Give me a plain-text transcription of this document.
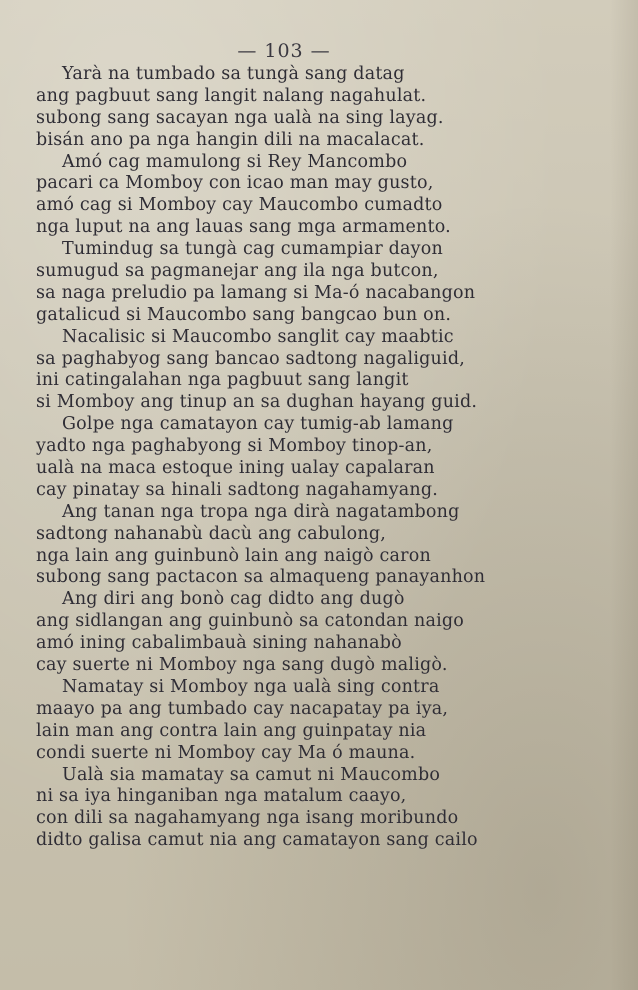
— 103 —
Yarà na tumbado sa tungà sang datag
ang pagbuut sang langit nalang nagahulat.
subong sang sacayan nga ualà na sing layag.
bisán ano pa nga hangin dili na macalacat.
Amó cag mamulong si Rey Mancombo
pacari ca Momboy con icao man may gusto,
amó cag si Momboy cay Maucombo cumadto
nga luput na ang lauas sang mga armamento.
Tumindug sa tungà cag cumampiar dayon
sumugud sa pagmanejar ang ila nga butcon,
sa naga preludio pa lamang si Ma-ó nacabangon
gatalicud si Maucombo sang bangcao bun on.
Nacalisic si Maucombo sanglit cay maabtic
sa paghabyog sang bancao sadtong nagaliguid,
ini catingalahan nga pagbuut sang langit
si Momboy ang tinup an sa dughan hayang guid.
Golpe nga camatayon cay tumig-ab lamang
yadto nga paghabyong si Momboy tinop-an,
ualà na maca estoque ining ualay capalaran
cay pinatay sa hinali sadtong nagahamyang.
Ang tanan nga tropa nga dirà nagatambong
sadtong nahanabù dacù ang cabulong,
nga lain ang guinbunò lain ang naigò caron
subong sang pactacon sa almaqueng panayanhon
Ang diri ang bonò cag didto ang dugò
ang sidlangan ang guinbunò sa catondan naigo
amó ining cabalimbauà sining nahanabò
cay suerte ni Momboy nga sang dugò maligò.
Namatay si Momboy nga ualà sing contra
maayo pa ang tumbado cay nacapatay pa iya,
lain man ang contra lain ang guinpatay nia
condi suerte ni Momboy cay Ma ó mauna.
Ualà sia mamatay sa camut ni Maucombo
ni sa iya hinganiban nga matalum caayo,
con dili sa nagahamyang nga isang moribundo
didto galisa camut nia ang camatayon sang cailo
